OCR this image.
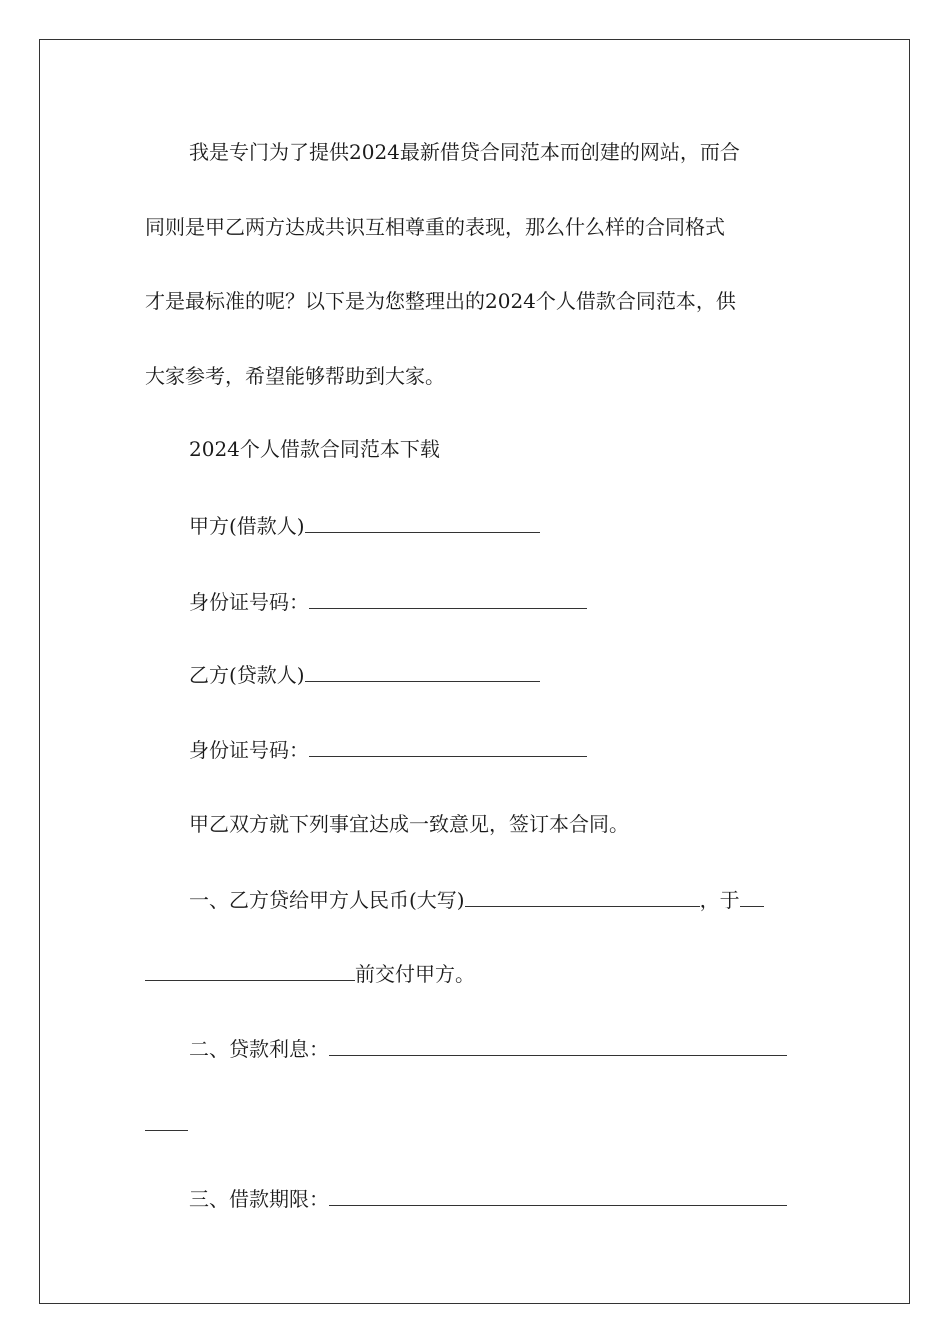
我是专门为了提供2024最新借贷合同范本而创建的网站，而合
同则是甲乙两方达成共识互相尊重的表现，那么什么样的合同格式
才是最标准的呢？以下是为您整理出的2024个人借款合同范本，供
大家参考，希望能够帮助到大家。
2024个人借款合同范本下载
甲方(借款人)
身份证号码：
乙方(贷款人)
身份证号码：
甲乙双方就下列事宜达成一致意见，签订本合同。
一、乙方贷给甲方人民币(大写)	，于
前交付甲方。
二、贷款利息：
三、借款期限：
